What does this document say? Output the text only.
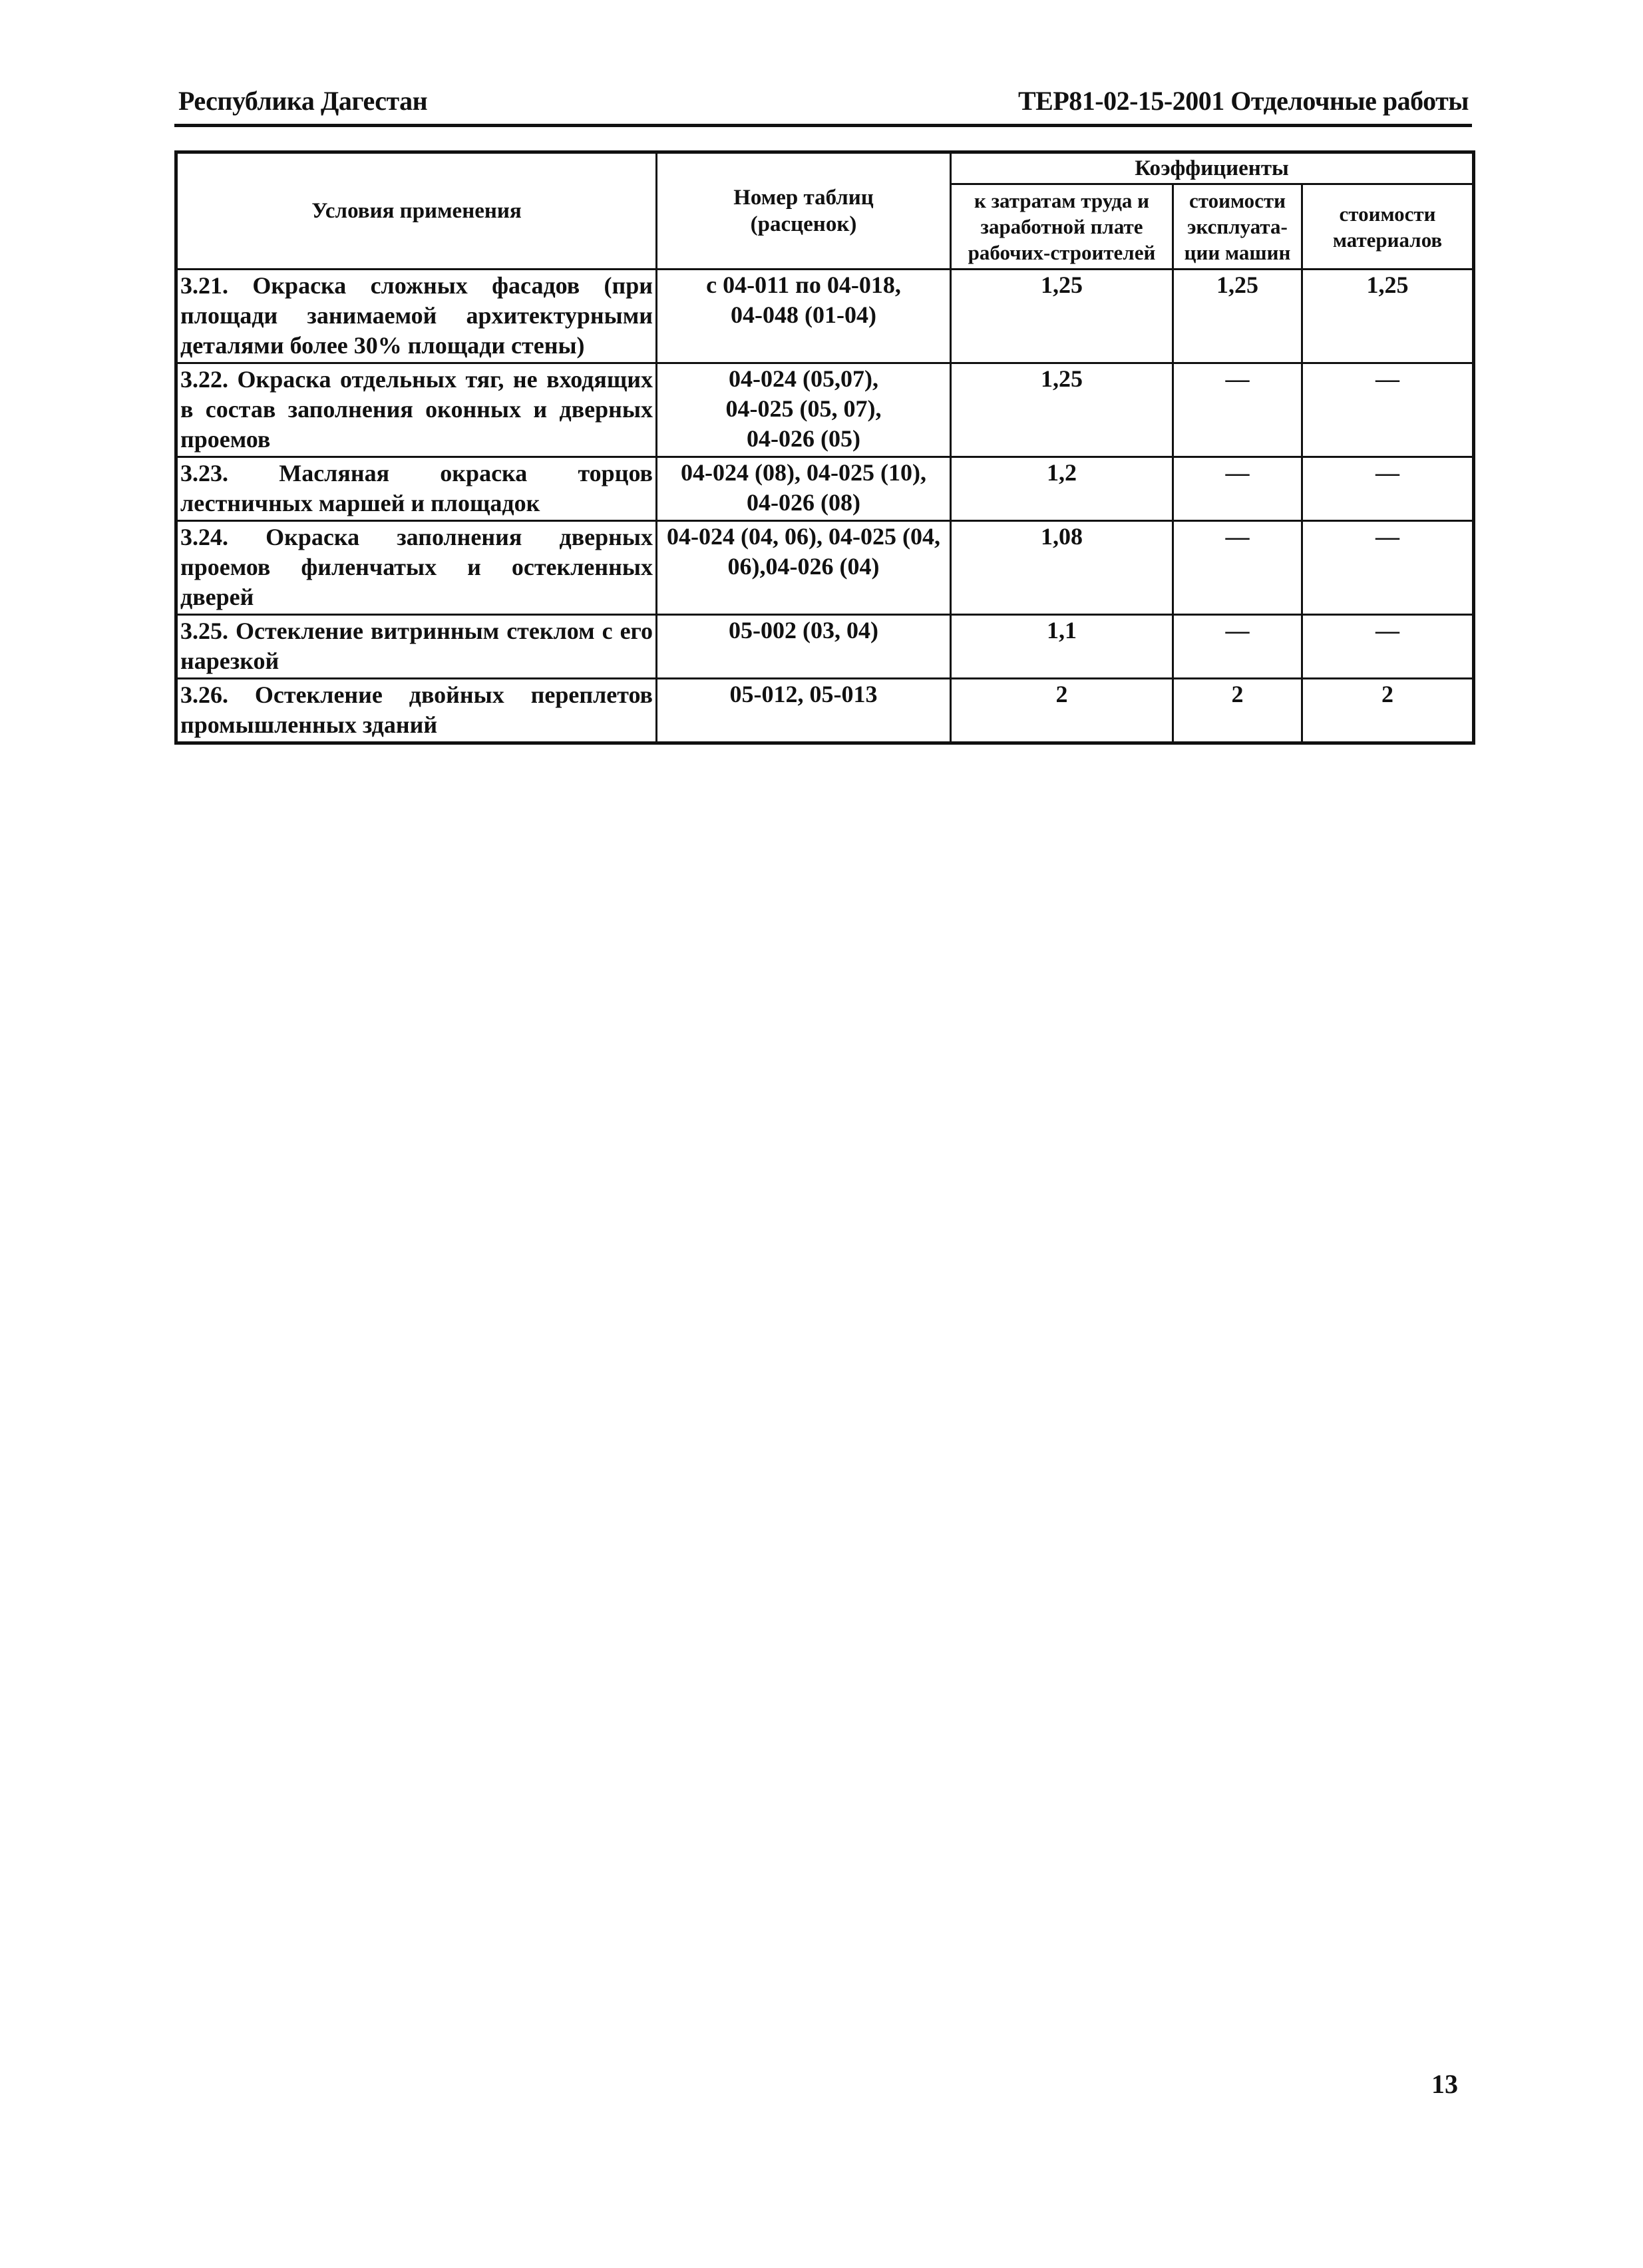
Республика Дагестан	ТЕР81-02-15-2001 Отделочные работы
Условия применения	Номер таблиц (расценок)	Коэффициенты		
		к затратам труда и заработной плате рабочих-строителей	стоимости эксплуата-ции машин	стоимости материалов
3.21. Окраска сложных фасадов (при площади занимаемой архитектурными деталями более 30% площади стены)	с 04-011 по 04-018, 04-048 (01-04)	1,25	1,25	1,25
3.22. Окраска отдельных тяг, не входящих в состав заполнения оконных и дверных проемов	04-024 (05,07), 04-025 (05, 07), 04-026 (05)	1,25	—	—
3.23. Масляная окраска торцов лестничных маршей и площадок	04-024 (08), 04-025 (10), 04-026 (08)	1,2	—	—
3.24. Окраска заполнения дверных проемов филенчатых и остекленных дверей	04-024 (04, 06), 04-025 (04, 06),04-026 (04)	1,08	—	—
3.25. Остекление витринным стеклом с его нарезкой	05-002 (03, 04)	1,1	—	—
3.26. Остекление двойных переплетов промышленных зданий	05-012, 05-013	2	2	2
13
